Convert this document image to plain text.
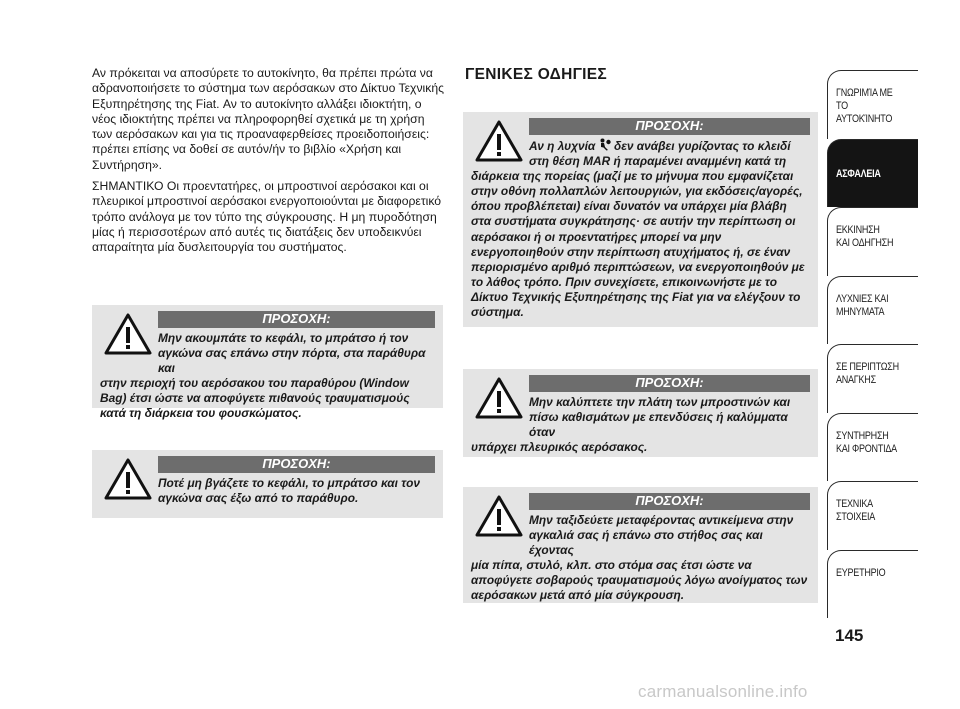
Αν πρόκειται να αποσύρετε το αυτοκίνητο, θα πρέπει πρώτα να αδρανοποιήσετε το σύστημα των αερόσακων στο Δίκτυο Τεχνικής Εξυπηρέτησης της Fiat. Αν το αυτοκίνητο αλλάξει ιδιοκτήτη, ο νέος ιδιοκτήτης πρέπει να πληροφορηθεί σχετικά με τη χρήση των αερόσακων και για τις προαναφερθείσες προειδοποιήσεις: πρέπει επίσης να δοθεί σε αυτόν/ήν το βιβλίο «Χρήση και Συντήρηση».

ΣΗΜΑΝΤΙΚΟ Οι προεντατήρες, οι μπροστινοί αερόσακοι και οι πλευρικοί μπροστινοί αερόσακοι ενεργοποιούνται με διαφορετικό τρόπο ανάλογα με τον τύπο της σύγκρουσης. Η μη πυροδότηση μίας ή περισσοτέρων από αυτές τις διατάξεις δεν υποδεικνύει απαραίτητα μία δυσλειτουργία του συστήματος.

ΠΡΟΣΟΧΗ:
Μην ακουμπάτε το κεφάλι, το μπράτσο ή τον αγκώνα σας επάνω στην πόρτα, στα παράθυρα και
στην περιοχή του αερόσακου του παραθύρου (Window Bag) έτσι ώστε να αποφύγετε πιθανούς τραυματισμούς κατά τη διάρκεια του φουσκώματος.
ΠΡΟΣΟΧΗ:
Ποτέ μη βγάζετε το κεφάλι, το μπράτσο και τον αγκώνα σας έξω από το παράθυρο.
ΓΕΝΙΚΕΣ ΟΔΗΓΙΕΣ
ΠΡΟΣΟΧΗ:
Αν η λυχνία δεν ανάβει γυρίζοντας το κλειδί στη θέση MAR ή παραμένει αναμμένη κατά τη
διάρκεια της πορείας (μαζί με το μήνυμα που εμφανίζεται στην οθόνη πολλαπλών λειτουργιών, για εκδόσεις/αγορές, όπου προβλέπεται) είναι δυνατόν να υπάρχει μία βλάβη στα συστήματα συγκράτησης· σε αυτήν την περίπτωση οι αερόσακοι ή οι προεντατήρες μπορεί να μην ενεργοποιηθούν στην περίπτωση ατυχήματος ή, σε έναν περιορισμένο αριθμό περιπτώσεων, να ενεργοποιηθούν με το λάθος τρόπο. Πριν συνεχίσετε, επικοινωνήστε με το Δίκτυο Τεχνικής Εξυπηρέτησης της Fiat για να ελέγξουν το σύστημα.
ΠΡΟΣΟΧΗ:
Μην καλύπτετε την πλάτη των μπροστινών και πίσω καθισμάτων με επενδύσεις ή καλύμματα όταν
υπάρχει πλευρικός αερόσακος.
ΠΡΟΣΟΧΗ:
Μην ταξιδεύετε μεταφέροντας αντικείμενα στην αγκαλιά σας ή επάνω στο στήθος σας και έχοντας
μία πίπα, στυλό, κλπ. στο στόμα σας έτσι ώστε να αποφύγετε σοβαρούς τραυματισμούς λόγω ανοίγματος των αερόσακων μετά από μία σύγκρουση.
ΓΝΩΡΙΜΊΑ ΜΕ
ΤΟ ΑΥΤΟΚΊΝΗΤΟ
ΑΣΦΑΛΕΙΑ
ΕΚΚΙΝΗΣΗ
ΚΑΙ ΟΔΗΓΗΣΗ
ΛΥΧΝΙΕΣ ΚΑΙ
ΜΗΝΥΜΑΤΑ
ΣΕ ΠΕΡΙΠΤΩΣΗ
ΑΝΑΓΚΗΣ
ΣΥΝΤΗΡΗΣΗ
ΚΑΙ ΦΡΟΝΤΙΔΑ
ΤΕΧΝΙΚΑ
ΣΤΟΙΧΕΙΑ
ΕΥΡΕΤΗΡΙΟ
145
carmanualsonline.info
